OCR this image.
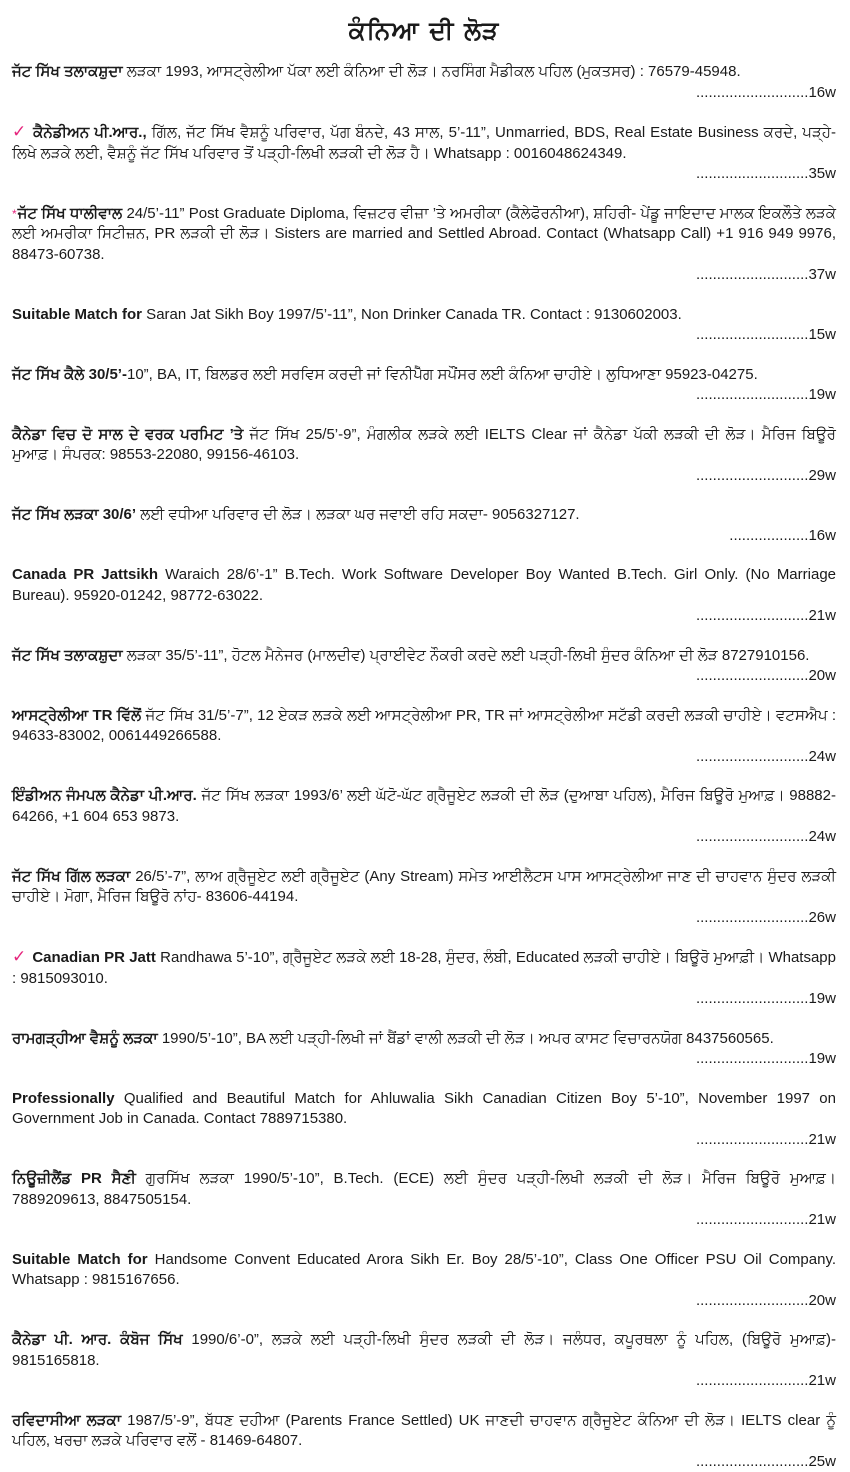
ਕੰਨਿਆ ਦੀ ਲੋੜ
ਜੱਟ ਸਿੱਖ ਤਲਾਕਸ਼ੁਦਾ ਲੜਕਾ 1993, ਆਸਟ੍ਰੇਲੀਆ ਪੱਕਾ ਲਈ ਕੰਨਿਆ ਦੀ ਲੋੜ। ਨਰਸਿੰਗ ਮੈਡੀਕਲ ਪਹਿਲ (ਮੁਕਤਸਰ) : 76579-45948.
...........................16w
✓ ਕੈਨੇਡੀਅਨ ਪੀ.ਆਰ., ਗਿੱਲ, ਜੱਟ ਸਿੱਖ ਵੈਸ਼ਨੂੰ ਪਰਿਵਾਰ, ਪੱਗ ਬੰਨਦੇ, 43 ਸਾਲ, 5’-11”, Unmarried, BDS, Real Estate Business ਕਰਦੇ, ਪੜ੍ਹੇ-ਲਿਖੇ ਲੜਕੇ ਲਈ, ਵੈਸ਼ਨੂੰ ਜੱਟ ਸਿੱਖ ਪਰਿਵਾਰ ਤੋਂ ਪੜ੍ਹੀ-ਲਿਖੀ ਲੜਕੀ ਦੀ ਲੋੜ ਹੈ। Whatsapp : 0016048624349.
...........................35w
*ਜੱਟ ਸਿੱਖ ਧਾਲੀਵਾਲ 24/5’-11” Post Graduate Diploma, ਵਿਜ਼ਟਰ ਵੀਜ਼ਾ ’ਤੇ ਅਮਰੀਕਾ (ਕੈਲੇਫੋਰਨੀਆ), ਸ਼ਹਿਰੀ- ਪੇਂਡੂ ਜਾਇਦਾਦ ਮਾਲਕ ਇਕਲੌਤੇ ਲੜਕੇ ਲਈ ਅਮਰੀਕਾ ਸਿਟੀਜ਼ਨ, PR ਲੜਕੀ ਦੀ ਲੋੜ। Sisters are married and Settled Abroad. Contact (Whatsapp Call) +1 916 949 9976, 88473-60738.
...........................37w
Suitable Match for Saran Jat Sikh Boy 1997/5’-11”, Non Drinker Canada TR. Contact : 9130602003.
...........................15w
ਜੱਟ ਸਿੱਖ ਕੈਲੇ 30/5’-10”, BA, IT, ਬਿਲਡਰ ਲਈ ਸਰਵਿਸ ਕਰਦੀ ਜਾਂ ਵਿਨੀਪੈੱਗ ਸਪੌਂਸਰ ਲਈ ਕੰਨਿਆ ਚਾਹੀਏ। ਲੁਧਿਆਣਾ 95923-04275.
...........................19w
ਕੈਨੇਡਾ ਵਿਚ ਦੋ ਸਾਲ ਦੇ ਵਰਕ ਪਰਮਿਟ ’ਤੇ ਜੱਟ ਸਿੱਖ 25/5’-9”, ਮੰਗਲੀਕ ਲੜਕੇ ਲਈ IELTS Clear ਜਾਂ ਕੈਨੇਡਾ ਪੱਕੀ ਲੜਕੀ ਦੀ ਲੋੜ। ਮੈਰਿਜ ਬਿਊਰੋ ਮੁਆਫ਼। ਸੰਪਰਕ: 98553-22080, 99156-46103.
...........................29w
ਜੱਟ ਸਿੱਖ ਲੜਕਾ 30/6’ ਲਈ ਵਧੀਆ ਪਰਿਵਾਰ ਦੀ ਲੋੜ। ਲੜਕਾ ਘਰ ਜਵਾਈ ਰਹਿ ਸਕਦਾ- 9056327127.
...................16w
Canada PR Jattsikh Waraich 28/6’-1” B.Tech. Work Software Developer Boy Wanted B.Tech. Girl Only. (No Marriage Bureau). 95920-01242, 98772-63022.
...........................21w
ਜੱਟ ਸਿੱਖ ਤਲਾਕਸ਼ੁਦਾ ਲੜਕਾ 35/5’-11”, ਹੋਟਲ ਮੈਨੇਜਰ (ਮਾਲਦੀਵ) ਪ੍ਰਾਈਵੇਟ ਨੌਕਰੀ ਕਰਦੇ ਲਈ ਪੜ੍ਹੀ-ਲਿਖੀ ਸੁੰਦਰ ਕੰਨਿਆ ਦੀ ਲੋੜ 8727910156.
...........................20w
ਆਸਟ੍ਰੇਲੀਆ TR ਵਿੱਲੋਂ ਜੱਟ ਸਿੱਖ 31/5’-7”, 12 ਏਕੜ ਲੜਕੇ ਲਈ ਆਸਟ੍ਰੇਲੀਆ PR, TR ਜਾਂ ਆਸਟ੍ਰੇਲੀਆ ਸਟੱਡੀ ਕਰਦੀ ਲੜਕੀ ਚਾਹੀਏ। ਵਟਸਐਪ : 94633-83002, 0061449266588.
...........................24w
ਇੰਡੀਅਨ ਜੰਮਪਲ ਕੈਨੇਡਾ ਪੀ.ਆਰ. ਜੱਟ ਸਿੱਖ ਲੜਕਾ 1993/6’ ਲਈ ਘੱਟੋ-ਘੱਟ ਗ੍ਰੈਜੂਏਟ ਲੜਕੀ ਦੀ ਲੋੜ (ਦੁਆਬਾ ਪਹਿਲ), ਮੈਰਿਜ ਬਿਊਰੋ ਮੁਆਫ਼। 98882-64266, +1 604 653 9873.
...........................24w
ਜੱਟ ਸਿੱਖ ਗਿੱਲ ਲੜਕਾ 26/5’-7”, ਲਾਅ ਗ੍ਰੈਜੂਏਟ ਲਈ ਗ੍ਰੈਜੂਏਟ (Any Stream) ਸਮੇਤ ਆਈਲੈਟਸ ਪਾਸ ਆਸਟ੍ਰੇਲੀਆ ਜਾਣ ਦੀ ਚਾਹਵਾਨ ਸੁੰਦਰ ਲੜਕੀ ਚਾਹੀਏ। ਮੋਗਾ, ਮੈਰਿਜ ਬਿਊਰੋ ਨਾਂਹ- 83606-44194.
...........................26w
✓ Canadian PR Jatt Randhawa 5’-10”, ਗ੍ਰੈਜੂਏਟ ਲੜਕੇ ਲਈ 18-28, ਸੁੰਦਰ, ਲੰਬੀ, Educated ਲੜਕੀ ਚਾਹੀਏ। ਬਿਊਰੋ ਮੁਆਫ਼ੀ। Whatsapp : 9815093010.
...........................19w
ਰਾਮਗੜ੍ਹੀਆ ਵੈਸ਼ਨੂੰ ਲੜਕਾ 1990/5’-10”, BA ਲਈ ਪੜ੍ਹੀ-ਲਿਖੀ ਜਾਂ ਬੈਂਡਾਂ ਵਾਲੀ ਲੜਕੀ ਦੀ ਲੋੜ। ਅਪਰ ਕਾਸਟ ਵਿਚਾਰਨਯੋਗ 8437560565.
...........................19w
Professionally Qualified and Beautiful Match for Ahluwalia Sikh Canadian Citizen Boy 5’-10”, November 1997 on Government Job in Canada. Contact 7889715380.
...........................21w
ਨਿਊਜ਼ੀਲੈਂਡ PR ਸੈਣੀ ਗੁਰਸਿੱਖ ਲੜਕਾ 1990/5’-10”, B.Tech. (ECE) ਲਈ ਸੁੰਦਰ ਪੜ੍ਹੀ-ਲਿਖੀ ਲੜਕੀ ਦੀ ਲੋੜ। ਮੈਰਿਜ ਬਿਊਰੋ ਮੁਆਫ਼। 7889209613, 8847505154.
...........................21w
Suitable Match for Handsome Convent Educated Arora Sikh Er. Boy 28/5’-10”, Class One Officer PSU Oil Company. Whatsapp : 9815167656.
...........................20w
ਕੈਨੇਡਾ ਪੀ. ਆਰ. ਕੰਬੋਜ ਸਿੱਖ 1990/6’-0”, ਲੜਕੇ ਲਈ ਪੜ੍ਹੀ-ਲਿਖੀ ਸੁੰਦਰ ਲੜਕੀ ਦੀ ਲੋੜ। ਜਲੰਧਰ, ਕਪੂਰਥਲਾ ਨੂੰ ਪਹਿਲ, (ਬਿਊਰੋ ਮੁਆਫ਼)- 9815165818.
...........................21w
ਰਵਿਦਾਸੀਆ ਲੜਕਾ 1987/5’-9”, ਬੱਧਣ ਦਹੀਆ (Parents France Settled) UK ਜਾਣਦੀ ਚਾਹਵਾਨ ਗ੍ਰੈਜੂਏਟ ਕੰਨਿਆ ਦੀ ਲੋੜ। IELTS clear ਨੂੰ ਪਹਿਲ, ਖਰਚਾ ਲੜਕੇ ਪਰਿਵਾਰ ਵਲੋਂ - 81469-64807.
...........................25w
